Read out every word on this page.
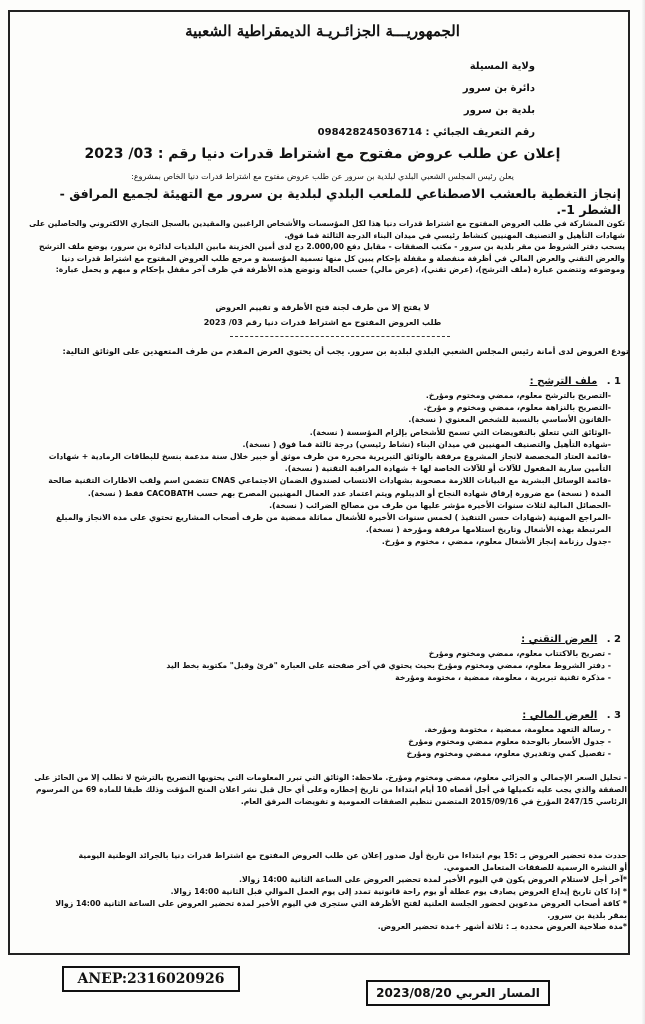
الجمهوريـــة الجزائـريـة الديمقراطية الشعبية
ولاية المسيلة
دائرة بن سرور
بلدية بن سرور
رقم التعريف الجبائي : 098428245036714
إعلان عن طلب عروض مفتوح مع اشتراط قدرات دنيا رقم : 03/ 2023
يعلن رئيس المجلس الشعبي البلدي لبلدية بن سرور عن طلب عروض مفتوح مع اشتراط قدرات دنيا الخاص بمشروع:
إنجاز التغطية بالعشب الاصطناعي للملعب البلدي لبلدية بن سرور مع التهيئة لجميع المرافق - الشطر 1-.
تكون المشاركة في طلب العروض المفتوح مع اشتراط قدرات دنيا هذا لكل المؤسسات والأشخاص الراغبين والمقيدين بالسجل التجاري الالكتروني والحاصلين على شهادات التأهيل و التصنيف المهنيين كنشاط رئيسي في ميدان البناء الدرجة الثالثة فما فوق.
يسحب دفتر الشروط من مقر بلدية بن سرور - مكتب الصفقات - مقابل دفع 2.000,00 دج لدى أمين الخزينة مابين البلديات لدائرة بن سرور، يوضع ملف الترشح والعرض التقني والعرض المالي في أظرفة منفصلة و مقفلة بإحكام يبين كل منها تسمية المؤسسة و مرجع طلب العروض المفتوح مع اشتراط قدرات دنيا وموضوعه وتتضمن عبارة (ملف الترشح)، (عرض تقني)، (عرض مالي) حسب الحالة وتوضع هذه الأظرفة في ظرف آخر مقفل بإحكام و مبهم و يحمل عبارة:
لا يفتح إلا من طرف لجنة فتح الأظرفة و تقييم العروض
طلب العروض المفتوح مع اشتراط قدرات دنيا رقم 03/ 2023
تودع العروض لدى أمانة رئيس المجلس الشعبي البلدي لبلدية بن سرور. يجب أن يحتوي العرض المقدم من طرف المتعهدين على الوثائق التالية:
1 . ملف الترشح :
-التصريح بالترشح معلوم، ممضي ومختوم ومؤرخ.
-التصريح بالنزاهة معلوم، ممضي ومختوم و مؤرخ.
-القانون الأساسي بالنسبة للشخص المعنوي ( نسخة).
-الوثائق التي تتعلق بالتفويضات التي تسمح للأشخاص بإلزام المؤسسة ( نسخة).
-شهادة التأهيل والتصنيف المهنيين في ميدان البناء (نشاط رئيسي) درجة ثالثة فما فوق ( نسخة).
-قائمة العتاد المخصصة لانجاز المشروع مرفقة بالوثائق التبريرية محررة من طرف موثق أو خبير خلال سنة مدعمة بنسخ للبطاقات الرمادية + شهادات التأمين سارية المفعول للآلات أو للآلات الخاصة لها + شهادة المراقبة التقنية ( نسخة).
-قائمة الوسائل البشرية مع البيانات اللازمة مصحوبة بشهادات الانتساب لصندوق الضمان الاجتماعي CNAS تتضمن اسم ولقب الاطارات التقنية صالحة المدة ( نسخة) مع ضرورة إرفاق شهادة النجاح أو الديبلوم ويتم اعتماد عدد العمال المهنيين المصرح بهم حسب CACOBATH فقط ( نسخة).
-الحصائل المالية لثلاث سنوات الأخيرة مؤشر عليها من طرف من مصالح الضرائب ( نسخة).
-المراجع المهنية (شهادات حسن التنفيذ ) لخمس سنوات الأخيرة للأشغال مماثلة ممضية من طرف أصحاب المشاريع تحتوي على مدة الانجاز والمبلغ المرتبطة بهذه الأشغال وتاريخ استلامها مرفقة ومؤرخة ( نسخة).
-جدول رزنامة إنجاز الأشغال معلوم، ممضي ، مختوم و مؤرخ.
2 . العرض التقني :
- تصريح بالاكتتاب معلوم، ممضي ومختوم ومؤرخ
- دفتر الشروط معلوم، ممضي ومختوم ومؤرخ بحيث يحتوي في آخر صفحته على العبارة "قرئ وقبل" مكتوبة بخط اليد
- مذكرة تقنية تبريرية ، معلومة، ممضية ، مختومة ومؤرخة
3 . العرض المالي :
- رسالة التعهد معلومة، ممضية ، مختومة ومؤرخة.
- جدول الأسعار بالوحدة معلوم ممضي ومختوم ومؤرخ
- تفصيل كمي وتقديري معلوم، ممضي ومختوم ومؤرخ
- تحليل السعر الإجمالي و الجزائي معلوم، ممضي ومختوم ومؤرخ. ملاحظة: الوثائق التي تبرر المعلومات التي يحتويها التصريح بالترشح لا تطلب إلا من الحائز على الصفقة والذي يجب عليه تكميلها في أجل أقصاه 10 أيام ابتداءا من تاريخ إخطاره وعلى أي حال قبل نشر اعلان المنح المؤقت وذلك طبقا للمادة 69 من المرسوم الرئاسي 247/15 المؤرخ في 2015/09/16 المتضمن تنظيم الصفقات العمومية و تفويضات المرفق العام.
حددت مدة تحضير العروض بـ :15 يوم ابتداءا من تاريخ أول صدور إعلان عن طلب العروض المفتوح مع اشتراط قدرات دنيا بالجرائد الوطنية اليومية
أو النشرة الرسمية للصفقات المتعامل العمومي.
*آخر أجل لاستلام العروض يكون في اليوم الأخير لمدة تحضير العروض على الساعة الثانية 14:00 زوالا.
* إذا كان تاريخ إيداع العروض يصادف يوم عطلة أو يوم راحة قانونية تمدد إلى يوم العمل الموالي قبل الثانية 14:00 زوالا.
* كافة أصحاب العروض مدعوين لحضور الجلسة العلنية لفتح الأظرفة التي ستجرى في اليوم الأخير لمدة تحضير العروض على الساعة الثانية 14:00 زوالا
بمقر بلدية بن سرور.
*مدة صلاحية العروض محددة بـ : ثلاثة أشهر +مدة تحضير العروض.
ANEP:2316020926
المسار العربي 2023/08/20
